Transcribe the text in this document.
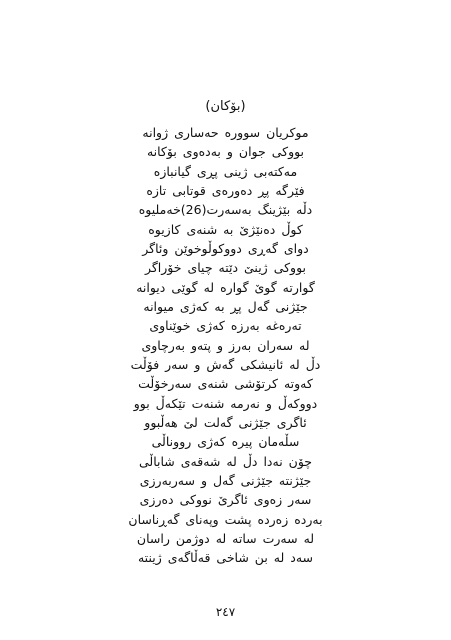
(بۆکان)
موکریان سووره حەساری ژوانە
بووکی جوان و بەدەوی بۆکانە
مەکتەبی ژینی پڕی گیانبازە
فێرگە پڕ دەورەی قوتابی تازە
دڵە بێژینگ بەسەرت(26)خەملیوە
کوڵ دەنێژێ بە شنەی کازیوە
دوای گەڕی دووکوڵوخوێن وئاگر
بووکی ژینێ دێتە چیای خۆراگر
گوارتە گوێ گوارە لە گوێی دیوانە
جێژنی گەل پڕ بە کەژی میوانە
تەرەغە بەرزە کەژی خوێناوی
لە سەران بەرز و پتەو بەرچاوی
دڵ لە ئانیشکی گەش و سەر فۆڵت
کەوتە کرتۆشی شنەی سەرخۆڵت
دووکەڵ و نەرمە شنەت تێکەڵ بوو
ئاگری جێژنی گەلت لێ هەڵبوو
سڵەمان پیرە کەژی رووناڵی
چۆن نەدا دڵ لە شەقەی شاباڵی
جێژنتە جێژنی گەل و سەربەرزی
سەر زەوی ئاگرێ نووکی دەرزی
بەردە زەردە پشت وپەنای گەڕناسان
لە سەرت ساتە لە دوژمن راسان
سەد لە بن شاخی قەڵاگەی ژینتە
٢٤٧
